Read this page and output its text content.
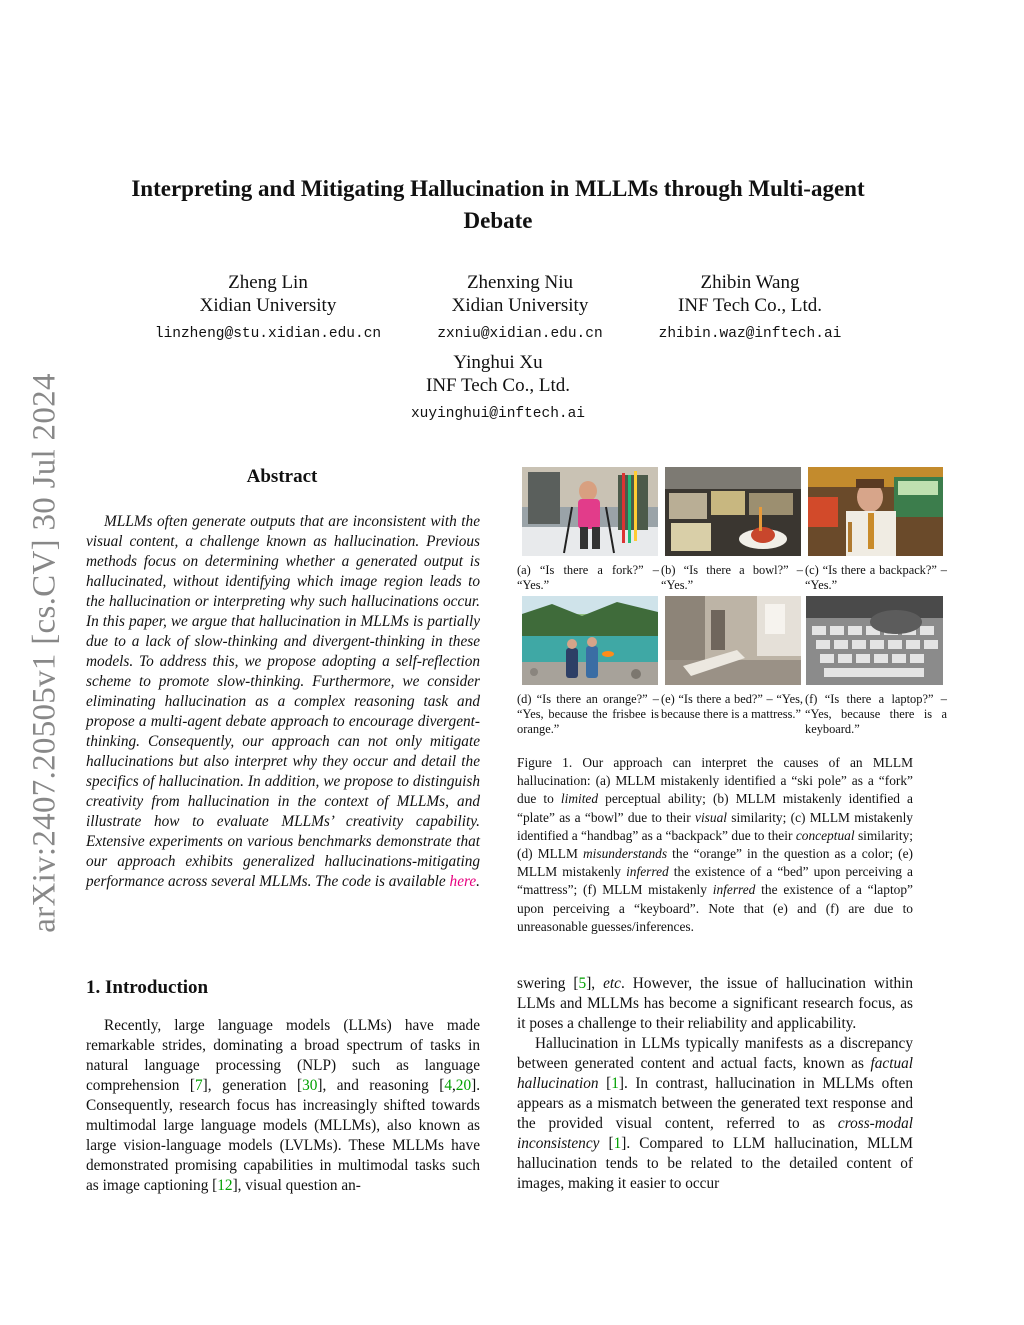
arXiv:2407.20505v1 [cs.CV] 30 Jul 2024
Interpreting and Mitigating Hallucination in MLLMs through Multi-agent Debate
Zheng Lin
Xidian University
linzheng@stu.xidian.edu.cn
Zhenxing Niu
Xidian University
zxniu@xidian.edu.cn
Zhibin Wang
INF Tech Co., Ltd.
zhibin.waz@inftech.ai
Yinghui Xu
INF Tech Co., Ltd.
xuyinghui@inftech.ai
Abstract

MLLMs often generate outputs that are inconsistent with the visual content, a challenge known as hallucination. Previous methods focus on determining whether a generated output is hallucinated, without identifying which image region leads to the hallucination or interpreting why such hallucinations occur. In this paper, we argue that hallucination in MLLMs is partially due to a lack of slow-thinking and divergent-thinking in these models. To address this, we propose adopting a self-reflection scheme to promote slow-thinking. Furthermore, we consider eliminating hallucination as a complex reasoning task and propose a multi-agent debate approach to encourage divergent-thinking. Consequently, our approach can not only mitigate hallucinations but also interpret why they occur and detail the specifics of hallucination. In addition, we propose to distinguish creativity from hallucination in the context of MLLMs, and illustrate how to evaluate MLLMs’ creativity capability. Extensive experiments on various benchmarks demonstrate that our approach exhibits generalized hallucinations-mitigating performance across several MLLMs. The code is available here.

1. Introduction

Recently, large language models (LLMs) have made remarkable strides, dominating a broad spectrum of tasks in natural language processing (NLP) such as language comprehension [7], generation [30], and reasoning [4,20]. Consequently, research focus has increasingly shifted towards multimodal large language models (MLLMs), also known as large vision-language models (LVLMs). These MLLMs have demonstrated promising capabilities in multimodal tasks such as image captioning [12], visual question an-

swering [5], etc. However, the issue of hallucination within LLMs and MLLMs has become a significant research focus, as it poses a challenge to their reliability and applicability.

Hallucination in LLMs typically manifests as a discrepancy between generated content and actual facts, known as factual hallucination [1]. In contrast, hallucination in MLLMs often appears as a mismatch between the generated text response and the provided visual content, referred to as cross-modal inconsistency [1]. Compared to LLM hallucination, MLLM hallucination tends to be related to the detailed content of images, making it easier to occur

(a) “Is there a fork?” – “Yes.”
(b) “Is there a bowl?” – “Yes.”
(c) “Is there a backpack?” – “Yes.”
(d) “Is there an orange?” – “Yes, because the frisbee is orange.”
(e) “Is there a bed?” – “Yes, because there is a mattress.”
(f) “Is there a laptop?” – “Yes, because there is a keyboard.”

Figure 1. Our approach can interpret the causes of an MLLM hallucination: (a) MLLM mistakenly identified a “ski pole” as a “fork” due to limited perceptual ability; (b) MLLM mistakenly identified a “plate” as a “bowl” due to their visual similarity; (c) MLLM mistakenly identified a “handbag” as a “backpack” due to their conceptual similarity; (d) MLLM misunderstands the “orange” in the question as a color; (e) MLLM mistakenly inferred the existence of a “bed” upon perceiving a “mattress”; (f) MLLM mistakenly inferred the existence of a “laptop” upon perceiving a “keyboard”. Note that (e) and (f) are due to unreasonable guesses/inferences.
